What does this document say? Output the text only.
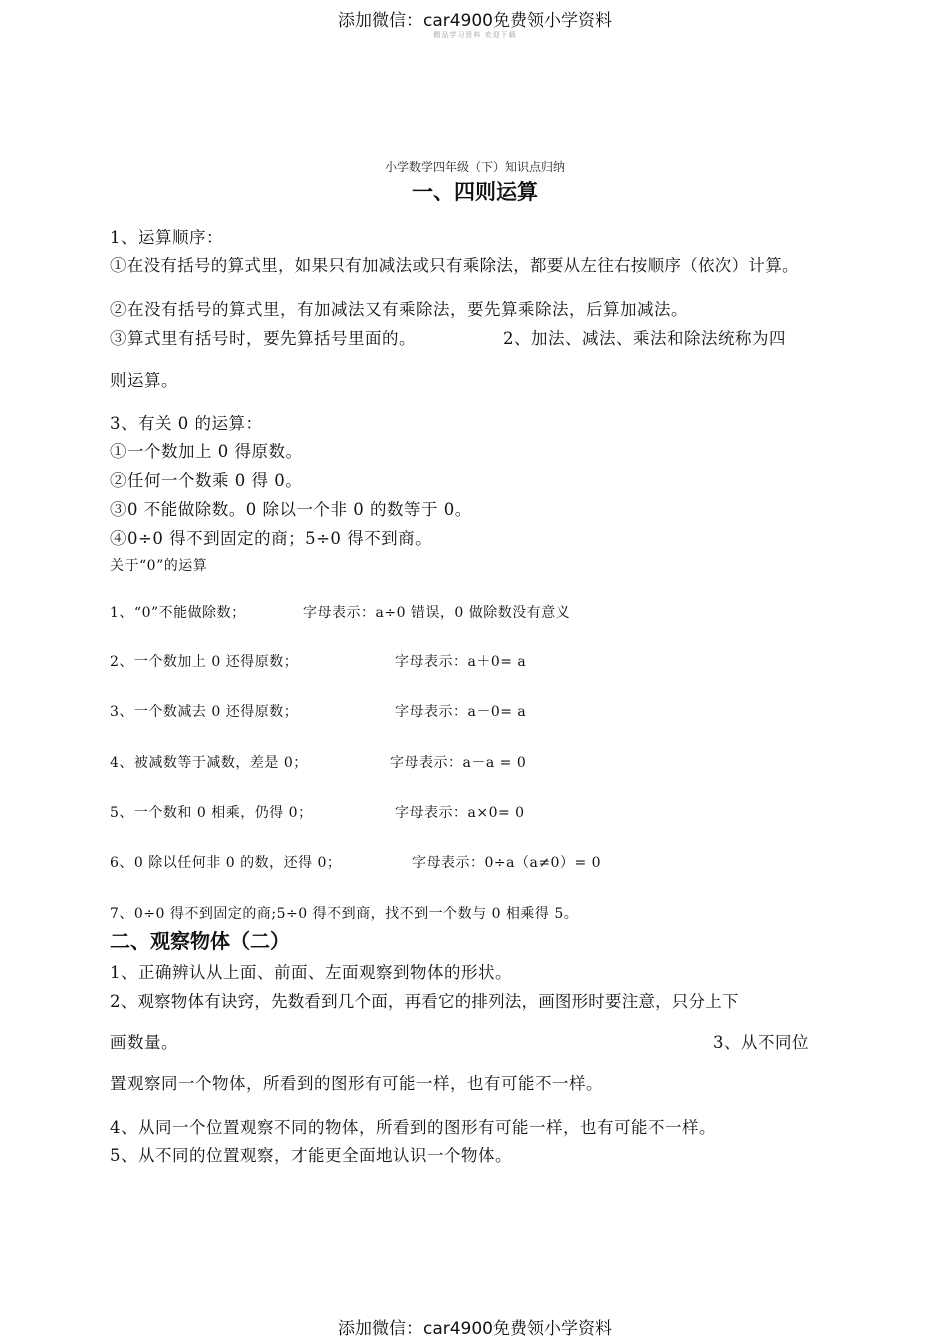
添加微信：car4900免费领小学资料
精品学习资料 欢迎下载
小学数学四年级（下）知识点归纳
一、四则运算
1、运算顺序：
①在没有括号的算式里，如果只有加减法或只有乘除法，都要从左往右按顺序（依次）计算。
②在没有括号的算式里，有加减法又有乘除法，要先算乘除法，后算加减法。
③算式里有括号时，要先算括号里面的。	2、加法、减法、乘法和除法统称为四
则运算。
3、有关 0 的运算：
①一个数加上 0 得原数。
②任何一个数乘 0 得 0。
③0 不能做除数。0 除以一个非 0 的数等于 0。
④0÷0 得不到固定的商；5÷0 得不到商。
关于“0”的运算
1、“0”不能做除数；	字母表示：a÷0 错误，0 做除数没有意义
2、一个数加上 0 还得原数；	字母表示：a＋0= a
3、一个数减去 0 还得原数；	字母表示：a－0= a
4、被减数等于减数，差是 0；	字母表示：a－a = 0
5、一个数和 0 相乘，仍得 0；	字母表示：a×0= 0
6、0 除以任何非 0 的数，还得 0；	字母表示：0÷a（a≠0）= 0
7、0÷0 得不到固定的商;5÷0 得不到商，找不到一个数与 0 相乘得 5。
二、观察物体（二）
1、正确辨认从上面、前面、左面观察到物体的形状。
2、观察物体有诀窍，先数看到几个面，再看它的排列法，画图形时要注意，只分上下
画数量。	3、从不同位
置观察同一个物体，所看到的图形有可能一样，也有可能不一样。
4、从同一个位置观察不同的物体，所看到的图形有可能一样，也有可能不一样。
5、从不同的位置观察，才能更全面地认识一个物体。
添加微信：car4900免费领小学资料
